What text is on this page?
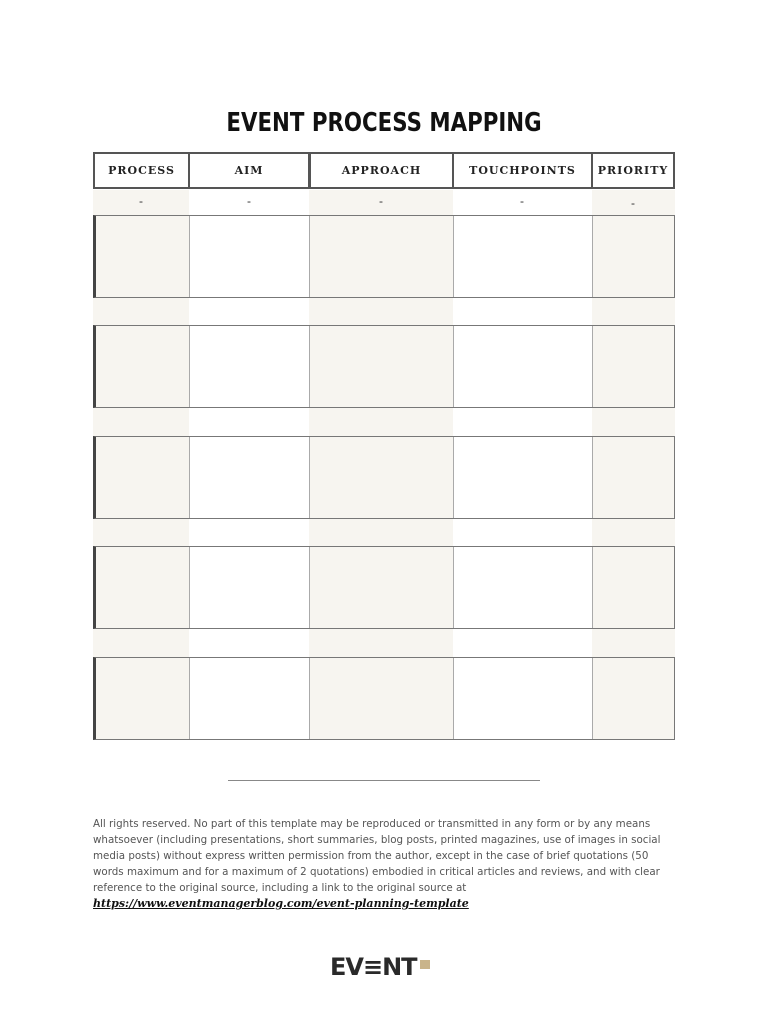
EVENT PROCESS MAPPING
PROCESS	AIM	APPROACH	TOUCHPOINTS	PRIORITY
-	-	-	-	-
All rights reserved. No part of this template may be reproduced or transmitted in any form or by any means whatsoever (including presentations, short summaries, blog posts, printed magazines, use of images in social media posts) without express written permission from the author, except in the case of brief quotations (50 words maximum and for a maximum of 2 quotations) embodied in critical articles and reviews, and with clear reference to the original source, including a link to the original source at
https://www.eventmanagerblog.com/event-planning-template
EV≡NT
